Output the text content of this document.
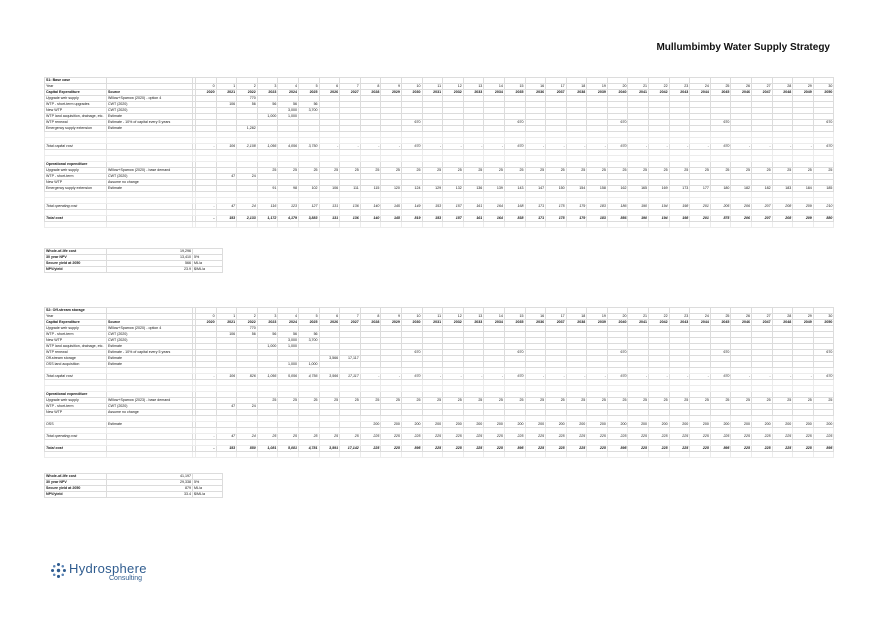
Mullumbimby Water Supply Strategy
S1: Base case																																	
Year			0	1	2	3	4	5	6	7	8	9	10	11	12	13	14	15	16	17	18	19	20	21	22	23	24	25	26	27	28	29	30
Capital Expenditure	Source		2020	2021	2022	2023	2024	2025	2026	2027	2028	2029	2030	2031	2032	2033	2034	2035	2036	2037	2038	2039	2040	2041	2042	2043	2044	2045	2046	2047	2048	2049	2050
Upgrade weir supply	Willow+Sparrow (2020) - option 4				770																												
WTP - short-term upgrades	CWT (2020)			106	56	56	56	56																									
New WTP	CWT (2020)						3,000	3,700																									
WTP land acquisition, drainage, etc.	Estimate					1,000	1,000																										
WTP renewal	Estimate - 10% of capital every 5 years												670					670					670					670					670
Emergency supply extension	Estimate				1,282																												

Total capital cost			-	106	2,108	1,056	4,056	3,750	-	-	-	-	670	-	-	-	-	670	-	-	-	-	670	-	-	-	-	670	-	-	-	-	670

Operational expenditure																																	
Upgrade weir supply	Willow+Sparrow (2020) - base demand					25	25	25	25	25	25	25	25	25	25	25	25	25	25	25	25	25	25	25	25	25	25	25	25	25	25	25	25
WTP - short-term	CWT (2020)			47	24																												
New WTP	Assume no change																																
Emergency supply extension	Estimate					91	98	102	106	111	115	120	124	129	132	136	139	143	147	150	154	158	162	165	169	173	177	180	182	182	183	184	185

Total operating cost			-	47	24	116	123	127	131	136	140	145	149	153	157	161	164	168	171	175	179	183	186	190	194	198	201	205	206	207	208	209	210

Total cost			-	153	2,133	1,172	4,179	3,883	131	136	140	145	819	153	157	161	164	838	171	175	179	183	856	190	194	198	201	875	206	207	208	209	880

Whole-of-life cost	19,296	
30 year NPV	13,410	5%
Secure yield at 2050	566	ML/a
NPV/yield	23.9	$/ML/a
S2: Off-stream storage																																	
Year			0	1	2	3	4	5	6	7	8	9	10	11	12	13	14	15	16	17	18	19	20	21	22	23	24	25	26	27	28	29	30
Capital Expenditure	Source		2020	2021	2022	2023	2024	2025	2026	2027	2028	2029	2030	2031	2032	2033	2034	2035	2036	2037	2038	2039	2040	2041	2042	2043	2044	2045	2046	2047	2048	2049	2050
Upgrade weir supply	Willow+Sparrow (2020) - option 4				770																												
WTP - short-term	CWT (2020)			106	56	56	56	56																									
New WTP	CWT (2020)						3,000	3,700																									
WTP land acquisition, drainage, etc.	Estimate					1,000	1,000																										
WTP renewal	Estimate - 10% of capital every 5 years												670					670					670					670					670
Off-stream storage	Estimate								3,566	17,117																							
OSS land acquisition	Estimate						1,000	1,000																									

Total capital cost			-	106	826	1,056	5,056	4,756	3,566	17,117	-	-	670	-	-	-	-	670	-	-	-	-	670	-	-	-	-	670	-	-	-	-	670

Operational expenditure																																	
Upgrade weir supply	Willow+Sparrow (2023) - base demand					25	25	25	25	25	25	25	25	25	25	25	25	25	25	25	25	25	25	25	25	25	25	25	25	25	25	25	25
WTP - short-term	CWT (2020)			47	24																												
New WTP	Assume no change																																

OSS	Estimate										200	200	200	200	200	200	200	200	200	200	200	200	200	200	200	200	200	200	200	200	200	200	200

Total operating cost			-	47	24	25	25	25	25	25	225	225	225	225	225	225	225	225	225	225	225	225	225	225	225	225	225	225	225	225	225	225	225

Total cost			-	153	850	1,081	5,081	4,781	3,591	17,142	225	225	895	225	225	225	225	895	225	225	225	225	895	225	225	225	225	895	225	225	225	225	895

Whole-of-life cost	41,197	
30 year NPV	29,338	5%
Secure yield at 2050	879	ML/a
NPV/yield	33.4	$/ML/a
Hydrosphere
Consulting
